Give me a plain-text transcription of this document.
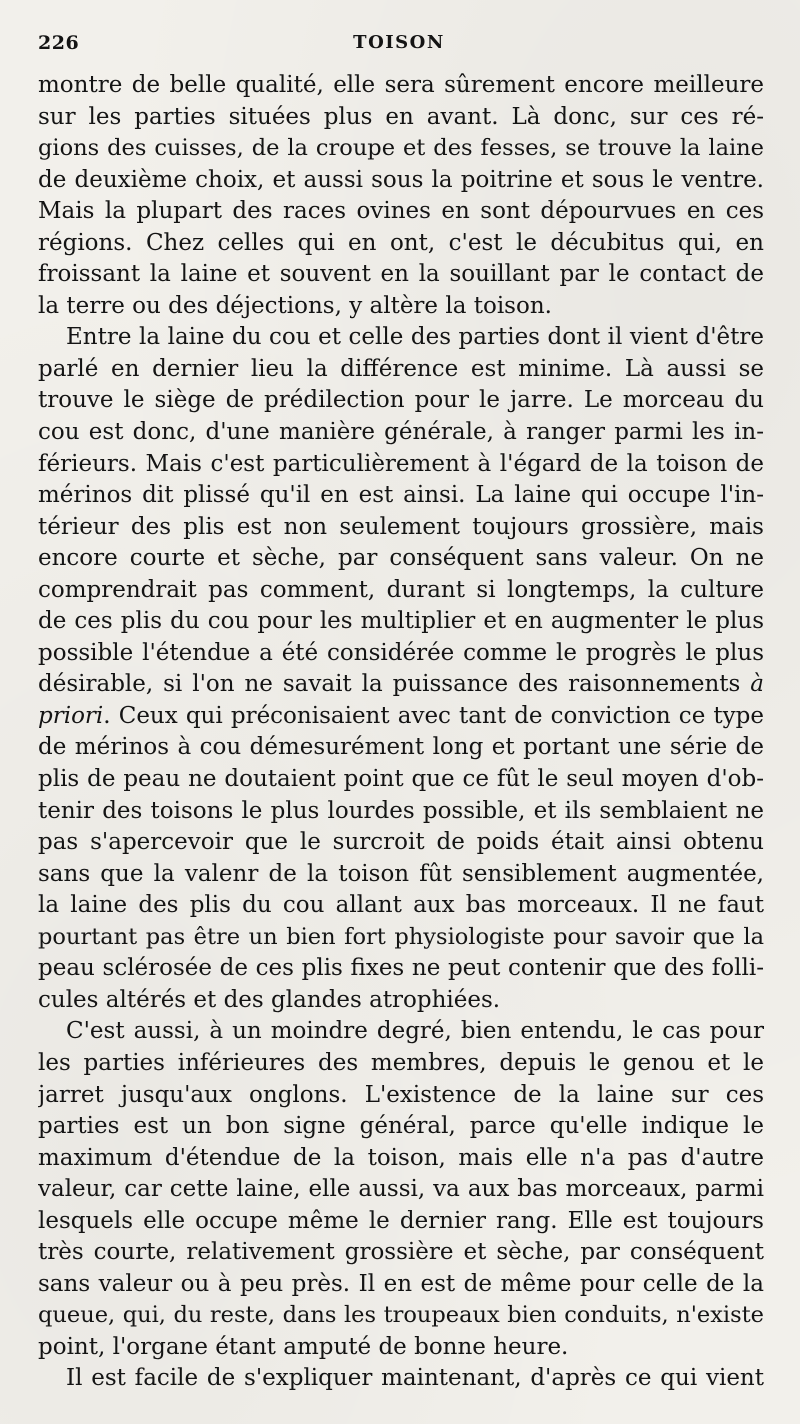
226	TOISON
montre de belle qualité, elle sera sûrement encore meilleure
sur les parties situées plus en avant. Là donc, sur ces ré-
gions des cuisses, de la croupe et des fesses, se trouve la laine
de deuxième choix, et aussi sous la poitrine et sous le ventre.
Mais la plupart des races ovines en sont dépourvues en ces
régions. Chez celles qui en ont, c'est le décubitus qui, en
froissant la laine et souvent en la souillant par le contact de
la terre ou des déjections, y altère la toison.
Entre la laine du cou et celle des parties dont il vient d'être
parlé en dernier lieu la différence est minime. Là aussi se
trouve le siège de prédilection pour le jarre. Le morceau du
cou est donc, d'une manière générale, à ranger parmi les in-
férieurs. Mais c'est particulièrement à l'égard de la toison de
mérinos dit plissé qu'il en est ainsi. La laine qui occupe l'in-
térieur des plis est non seulement toujours grossière, mais
encore courte et sèche, par conséquent sans valeur. On ne
comprendrait pas comment, durant si longtemps, la culture
de ces plis du cou pour les multiplier et en augmenter le plus
possible l'étendue a été considérée comme le progrès le plus
désirable, si l'on ne savait la puissance des raisonnements à
priori. Ceux qui préconisaient avec tant de conviction ce type
de mérinos à cou démesurément long et portant une série de
plis de peau ne doutaient point que ce fût le seul moyen d'ob-
tenir des toisons le plus lourdes possible, et ils semblaient ne
pas s'apercevoir que le surcroit de poids était ainsi obtenu
sans que la valenr de la toison fût sensiblement augmentée,
la laine des plis du cou allant aux bas morceaux. Il ne faut
pourtant pas être un bien fort physiologiste pour savoir que la
peau sclérosée de ces plis fixes ne peut contenir que des folli-
cules altérés et des glandes atrophiées.
C'est aussi, à un moindre degré, bien entendu, le cas pour
les parties inférieures des membres, depuis le genou et le
jarret jusqu'aux onglons. L'existence de la laine sur ces
parties est un bon signe général, parce qu'elle indique le
maximum d'étendue de la toison, mais elle n'a pas d'autre
valeur, car cette laine, elle aussi, va aux bas morceaux, parmi
lesquels elle occupe même le dernier rang. Elle est toujours
très courte, relativement grossière et sèche, par conséquent
sans valeur ou à peu près. Il en est de même pour celle de la
queue, qui, du reste, dans les troupeaux bien conduits, n'existe
point, l'organe étant amputé de bonne heure.
Il est facile de s'expliquer maintenant, d'après ce qui vient
